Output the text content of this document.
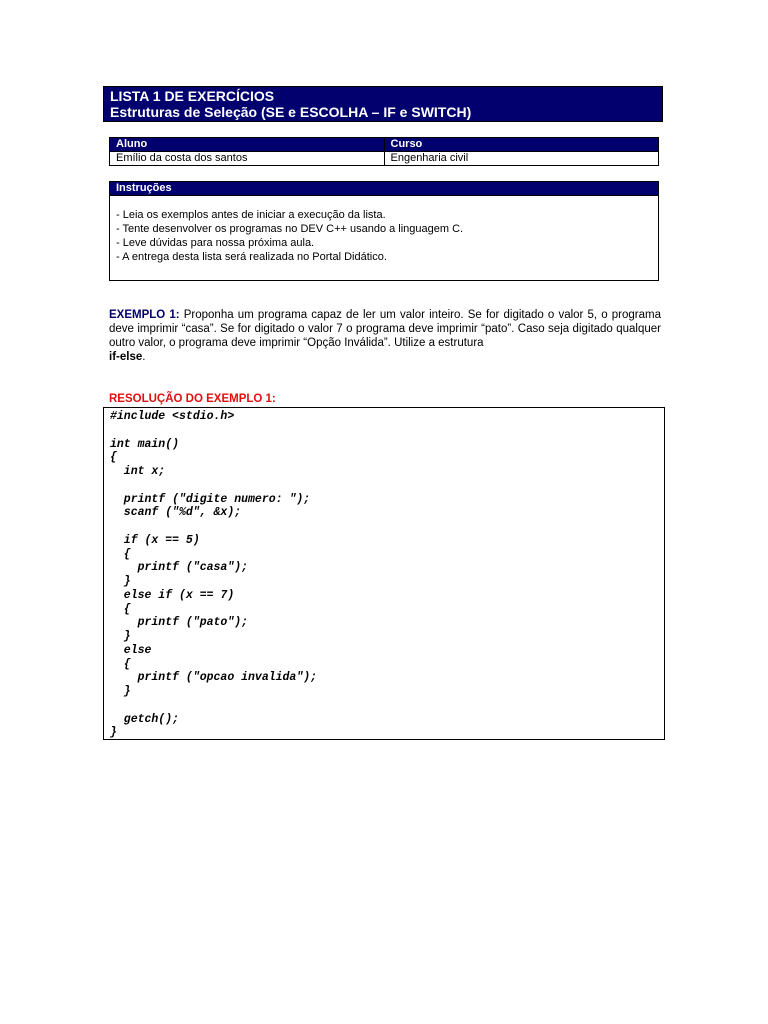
LISTA 1 DE EXERCÍCIOS
Estruturas de Seleção (SE e ESCOLHA – IF e SWITCH)
Aluno	Curso
Emílio da costa dos santos	Engenharia civil
Instruções
- Leia os exemplos antes de iniciar a execução da lista.
- Tente desenvolver os programas no DEV C++ usando a linguagem C.
- Leve dúvidas para nossa próxima aula.
- A entrega desta lista será realizada no Portal Didático.
EXEMPLO 1: Proponha um programa capaz de ler um valor inteiro. Se for digitado o valor 5, o programa deve imprimir “casa”. Se for digitado o valor 7 o programa deve imprimir “pato”. Caso seja digitado qualquer outro valor, o programa deve imprimir “Opção Inválida”. Utilize a estrutura
if-else.
RESOLUÇÃO DO EXEMPLO 1:
#include <stdio.h>
int main()
{
int x;
printf ("digite numero: ");
scanf ("%d", &x);
if (x == 5)
{
printf ("casa");
}
else if (x == 7)
{
printf ("pato");
}
else
{
printf ("opcao invalida");
}
getch();
}
